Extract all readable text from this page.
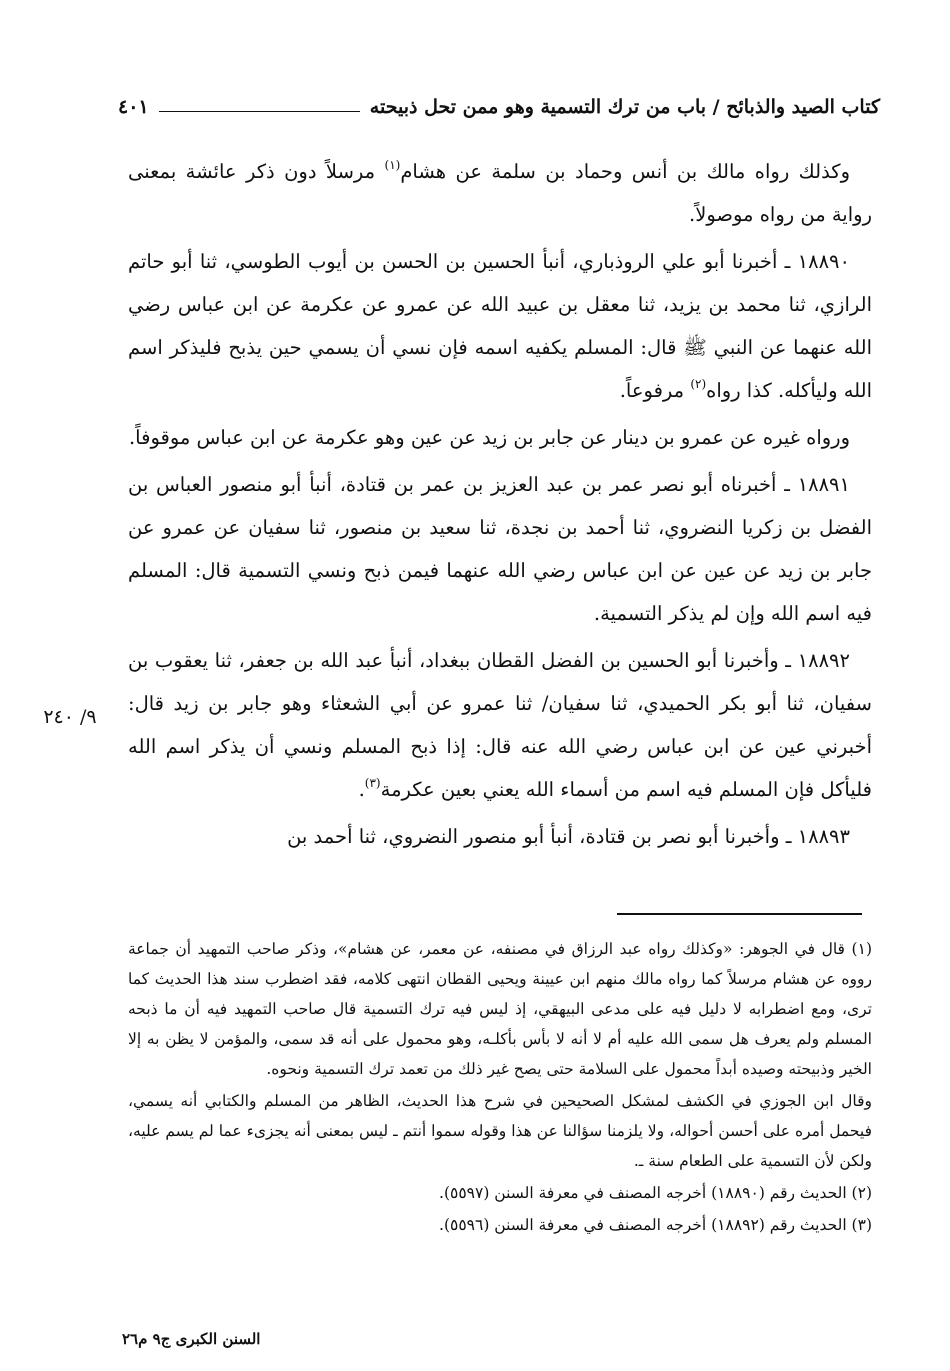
كتاب الصيد والذبائح / باب من ترك التسمية وهو ممن تحل ذبيحته
٤٠١

وكذلك رواه مالك بن أنس وحماد بن سلمة عن هشام$^{(١)}$ مرسلاً دون ذكر عائشة بمعنى رواية من رواه موصولاً.

١٨٨٩٠ ـ أخبرنا أبو علي الروذباري، أنبأ الحسين بن الحسن بن أيوب الطوسي، ثنا أبو حاتم الرازي، ثنا محمد بن يزيد، ثنا معقل بن عبيد الله عن عمرو عن عكرمة عن ابن عباس رضي الله عنهما عن النبي ﷺ قال: المسلم يكفيه اسمه فإن نسي أن يسمي حين يذبح فليذكر اسم الله وليأكله. كذا رواه$^{(٢)}$ مرفوعاً.

ورواه غيره عن عمرو بن دينار عن جابر بن زيد عن عين وهو عكرمة عن ابن عباس موقوفاً.

١٨٨٩١ ـ أخبرناه أبو نصر عمر بن عبد العزيز بن عمر بن قتادة، أنبأ أبو منصور العباس بن الفضل بن زكريا النضروي، ثنا أحمد بن نجدة، ثنا سعيد بن منصور، ثنا سفيان عن عمرو عن جابر بن زيد عن عين عن ابن عباس رضي الله عنهما فيمن ذبح ونسي التسمية قال: المسلم فيه اسم الله وإن لم يذكر التسمية.

١٨٨٩٢ ـ وأخبرنا أبو الحسين بن الفضل القطان ببغداد، أنبأ عبد الله بن جعفر، ثنا يعقوب بن سفيان، ثنا أبو بكر الحميدي، ثنا سفيان/ ثنا عمرو عن أبي الشعثاء وهو جابر بن زيد قال: أخبرني عين عن ابن عباس رضي الله عنه قال: إذا ذبح المسلم ونسي أن يذكر اسم الله فليأكل فإن المسلم فيه اسم من أسماء الله يعني بعين عكرمة$^{(٣)}$.

١٨٨٩٣ ـ وأخبرنا أبو نصر بن قتادة، أنبأ أبو منصور النضروي، ثنا أحمد بن

٩/ ٢٤٠

(١) قال في الجوهر: «وكذلك رواه عبد الرزاق في مصنفه، عن معمر، عن هشام»، وذكر صاحب التمهيد أن جماعة رووه عن هشام مرسلاً كما رواه مالك منهم ابن عيينة ويحيى القطان انتهى كلامه، فقد اضطرب سند هذا الحديث كما ترى، ومع اضطرابه لا دليل فيه على مدعى البيهقي، إذ ليس فيه ترك التسمية قال صاحب التمهيد فيه أن ما ذبحه المسلم ولم يعرف هل سمى الله عليه أم لا أنه لا بأس بأكلـه، وهو محمول على أنه قد سمى، والمؤمن لا يظن به إلا الخير وذبيحته وصيده أبداً محمول على السلامة حتى يصح غير ذلك من تعمد ترك التسمية ونحوه.

وقال ابن الجوزي في الكشف لمشكل الصحيحين في شرح هذا الحديث، الظاهر من المسلم والكتابي أنه يسمي، فيحمل أمره على أحسن أحواله، ولا يلزمنا سؤالنا عن هذا وقوله سموا أنتم ـ ليس بمعنى أنه يجزىء عما لم يسم عليه، ولكن لأن التسمية على الطعام سنة ـ.

(٢) الحديث رقم (١٨٨٩٠) أخرجه المصنف في معرفة السنن (٥٥٩٧).

(٣) الحديث رقم (١٨٨٩٢) أخرجه المصنف في معرفة السنن (٥٥٩٦).

السنن الكبرى ج٩ م٢٦
